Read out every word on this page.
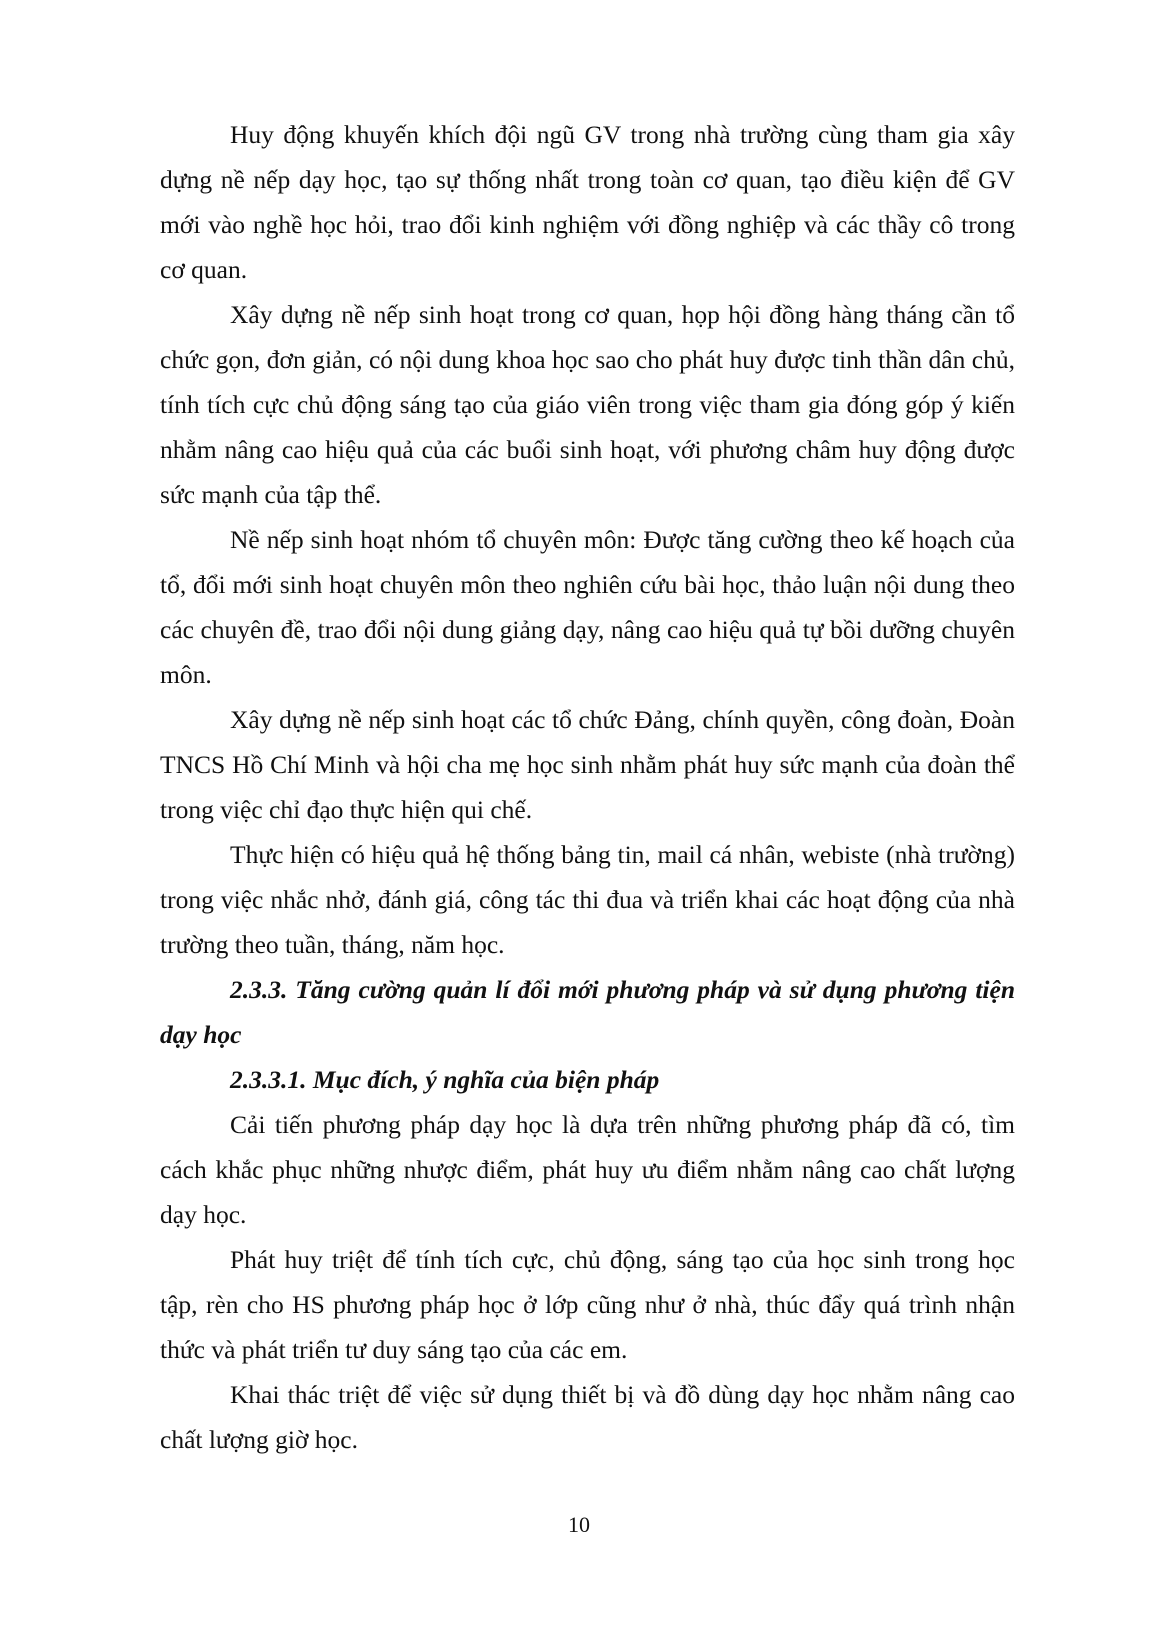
Huy động khuyến khích đội ngũ GV trong nhà trường cùng tham gia xây dựng nề nếp dạy học, tạo sự thống nhất trong toàn cơ quan, tạo điều kiện để GV mới vào nghề học hỏi, trao đổi kinh nghiệm với đồng nghiệp và các thầy cô trong cơ quan.

Xây dựng nề nếp sinh hoạt trong cơ quan, họp hội đồng hàng tháng cần tổ chức gọn, đơn giản, có nội dung khoa học sao cho phát huy được tinh thần dân chủ, tính tích cực chủ động sáng tạo của giáo viên trong việc tham gia đóng góp ý kiến nhằm nâng cao hiệu quả của các buổi sinh hoạt, với phương châm huy động được sức mạnh của tập thể.

Nề nếp sinh hoạt nhóm tổ chuyên môn: Được tăng cường theo kế hoạch của tổ, đổi mới sinh hoạt chuyên môn theo nghiên cứu bài học, thảo luận nội dung theo các chuyên đề, trao đổi nội dung giảng dạy, nâng cao hiệu quả tự bồi dưỡng chuyên môn.

Xây dựng nề nếp sinh hoạt các tổ chức Đảng, chính quyền, công đoàn, Đoàn TNCS Hồ Chí Minh và hội cha mẹ học sinh nhằm phát huy sức mạnh của đoàn thể trong việc chỉ đạo thực hiện qui chế.

Thực hiện có hiệu quả hệ thống bảng tin, mail cá nhân, webiste (nhà trường) trong việc nhắc nhở, đánh giá, công tác thi đua và triển khai các hoạt động của nhà trường theo tuần, tháng, năm học.

2.3.3. Tăng cường quản lí đổi mới phương pháp và sử dụng phương tiện dạy học

2.3.3.1. Mục đích, ý nghĩa của biện pháp

Cải tiến phương pháp dạy học là dựa trên những phương pháp đã có, tìm cách khắc phục những nhược điểm, phát huy ưu điểm nhằm nâng cao chất lượng dạy học.

Phát huy triệt để tính tích cực, chủ động, sáng tạo của học sinh trong học tập, rèn cho HS phương pháp học ở lớp cũng như ở nhà, thúc đẩy quá trình nhận thức và phát triển tư duy sáng tạo của các em.

Khai thác triệt để việc sử dụng thiết bị và đồ dùng dạy học nhằm nâng cao chất lượng giờ học.

10
